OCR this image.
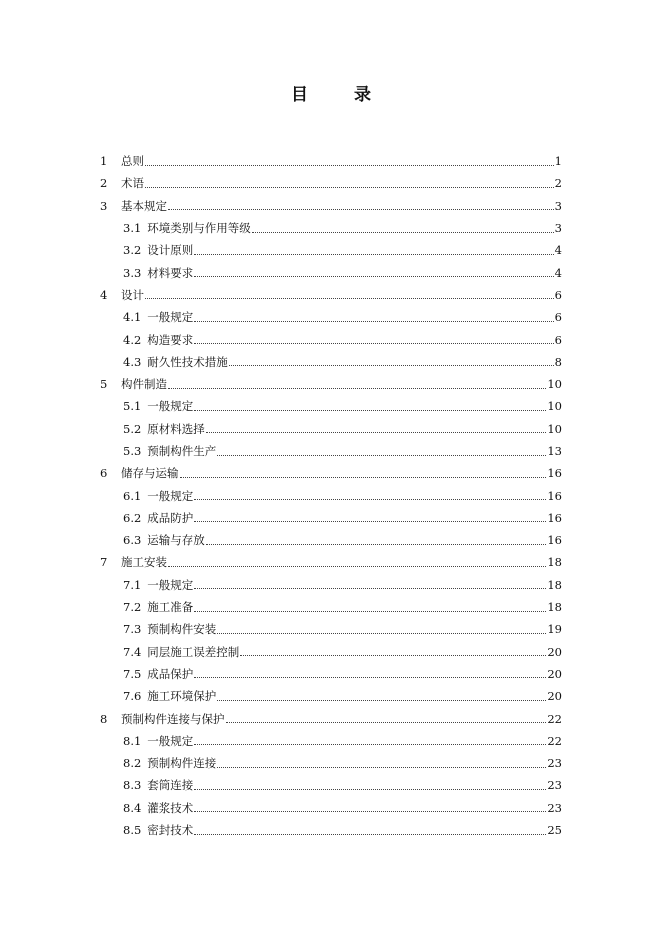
目 录
1	总则	1
2	术语	2
3	基本规定	3
3.1 环境类别与作用等级	3
3.2 设计原则	4
3.3 材料要求	4
4	设计	6
4.1 一般规定	6
4.2 构造要求	6
4.3 耐久性技术措施	8
5	构件制造	10
5.1 一般规定	10
5.2 原材料选择	10
5.3 预制构件生产	13
6	储存与运输	16
6.1 一般规定	16
6.2 成品防护	16
6.3 运输与存放	16
7	施工安装	18
7.1 一般规定	18
7.2 施工准备	18
7.3 预制构件安装	19
7.4 同层施工误差控制	20
7.5 成品保护	20
7.6 施工环境保护	20
8	预制构件连接与保护	22
8.1 一般规定	22
8.2 预制构件连接	23
8.3 套筒连接	23
8.4 灌浆技术	23
8.5 密封技术	25
